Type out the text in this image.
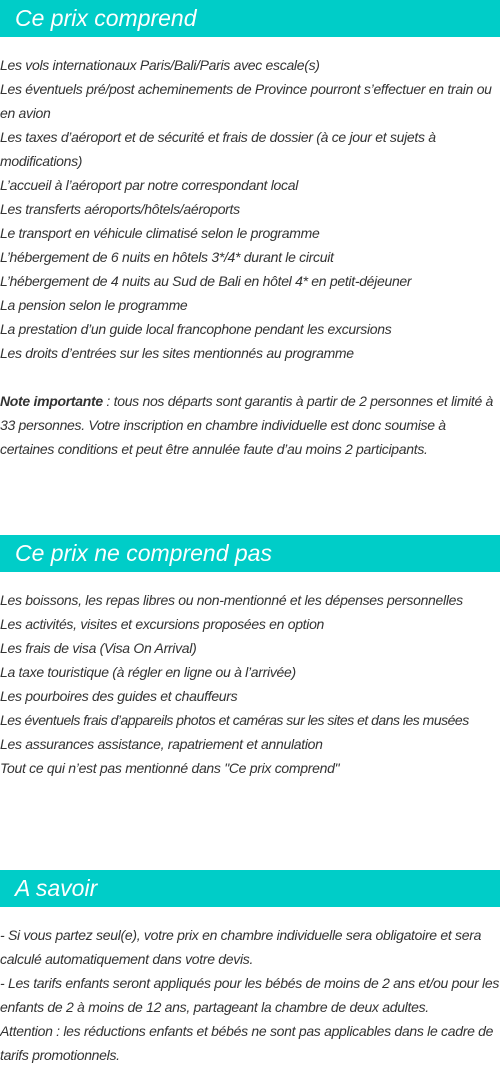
Ce prix comprend

Les vols internationaux Paris/Bali/Paris avec escale(s)

Les éventuels pré/post acheminements de Province pourront s’effectuer en train ou en avion

Les taxes d’aéroport et de sécurité et frais de dossier (à ce jour et sujets à modifications)

L’accueil à l’aéroport par notre correspondant local

Les transferts aéroports/hôtels/aéroports

Le transport en véhicule climatisé selon le programme

L’hébergement de 6 nuits en hôtels 3*/4* durant le circuit

L’hébergement de 4 nuits au Sud de Bali en hôtel 4* en petit-déjeuner

La pension selon le programme

La prestation d’un guide local francophone pendant les excursions

Les droits d’entrées sur les sites mentionnés au programme

Note importante : tous nos départs sont garantis à partir de 2 personnes et limité à 33 personnes. Votre inscription en chambre individuelle est donc soumise à certaines conditions et peut être annulée faute d’au moins 2 participants.

Ce prix ne comprend pas

Les boissons, les repas libres ou non-mentionné et les dépenses personnelles

Les activités, visites et excursions proposées en option

Les frais de visa (Visa On Arrival)

La taxe touristique (à régler en ligne ou à l’arrivée)

Les pourboires des guides et chauffeurs

Les éventuels frais d’appareils photos et caméras sur les sites et dans les musées

Les assurances assistance, rapatriement et annulation

Tout ce qui n’est pas mentionné dans "Ce prix comprend"

A savoir

- Si vous partez seul(e), votre prix en chambre individuelle sera obligatoire et sera calculé automatiquement dans votre devis.

- Les tarifs enfants seront appliqués pour les bébés de moins de 2 ans et/ou pour les enfants de 2 à moins de 12 ans, partageant la chambre de deux adultes.

Attention : les réductions enfants et bébés ne sont pas applicables dans le cadre de tarifs promotionnels.
